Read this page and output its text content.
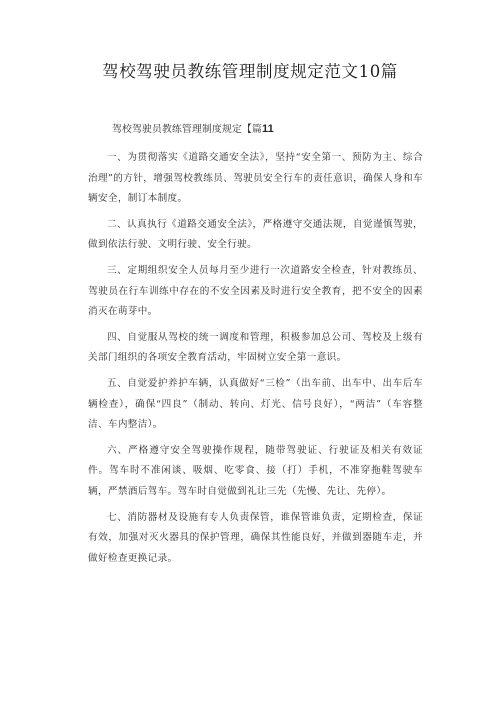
驾校驾驶员教练管理制度规定范文10篇
驾校驾驶员教练管理制度规定【篇11

一、为贯彻落实《道路交通安全法》，坚持“安全第一、预防为主、综合治理”的方针，增强驾校教练员、驾驶员安全行车的责任意识，确保人身和车辆安全，制订本制度。

二、认真执行《道路交通安全法》，严格遵守交通法规，自觉谨慎驾驶，做到依法行驶、文明行驶、安全行驶。

三、定期组织安全人员每月至少进行一次道路安全检查，针对教练员、驾驶员在行车训练中存在的不安全因素及时进行安全教育，把不安全的因素消灭在萌芽中。

四、自觉服从驾校的统一调度和管理，积极参加总公司、驾校及上级有关部门组织的各项安全教育活动，牢固树立安全第一意识。

五、自觉爱护养护车辆，认真做好“三检”（出车前、出车中、出车后车辆检查），确保“四良”（制动、转向、灯光、信号良好），“两洁”（车容整洁、车内整洁）。

六、严格遵守安全驾驶操作规程，随带驾驶证、行驶证及相关有效证件。驾车时不准闲谈、吸烟、吃零食、接（打）手机，不准穿拖鞋驾驶车辆，严禁酒后驾车。驾车时自觉做到礼让三先（先慢、先让、先停）。

七、消防器材及设施有专人负责保管，谁保管谁负责，定期检查，保证有效，加强对灭火器具的保护管理，确保其性能良好，并做到器随车走，并做好检查更换记录。
